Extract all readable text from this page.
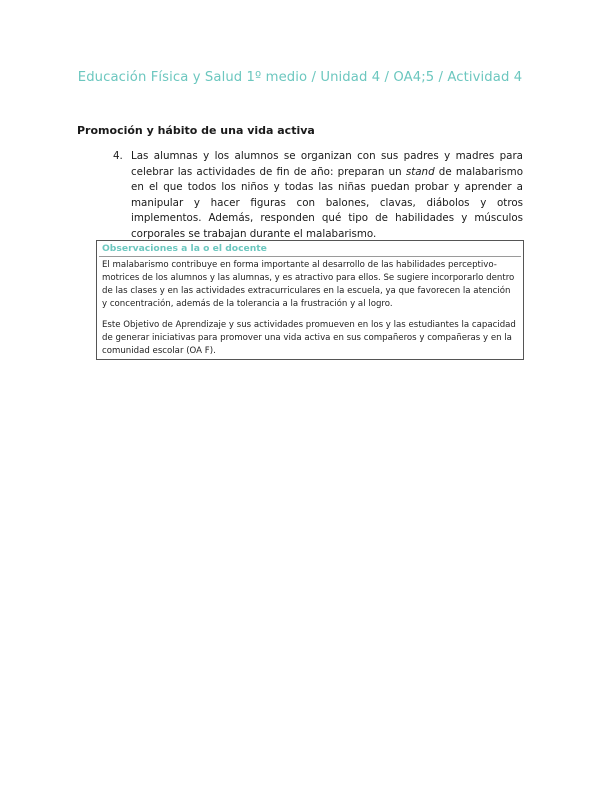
Educación Física y Salud 1º medio / Unidad 4 / OA4;5 / Actividad 4
Promoción y hábito de una vida activa
4. Las alumnas y los alumnos se organizan con sus padres y madres para celebrar las actividades de fin de año: preparan un stand de malabarismo en el que todos los niños y todas las niñas puedan probar y aprender a manipular y hacer figuras con balones, clavas, diábolos y otros implementos. Además, responden qué tipo de habilidades y músculos corporales se trabajan durante el malabarismo.
Observaciones a la o el docente
El malabarismo contribuye en forma importante al desarrollo de las habilidades perceptivo-motrices de los alumnos y las alumnas, y es atractivo para ellos. Se sugiere incorporarlo dentro de las clases y en las actividades extracurriculares en la escuela, ya que favorecen la atención y concentración, además de la tolerancia a la frustración y al logro.
Este Objetivo de Aprendizaje y sus actividades promueven en los y las estudiantes la capacidad de generar iniciativas para promover una vida activa en sus compañeros y compañeras y en la comunidad escolar (OA F).
